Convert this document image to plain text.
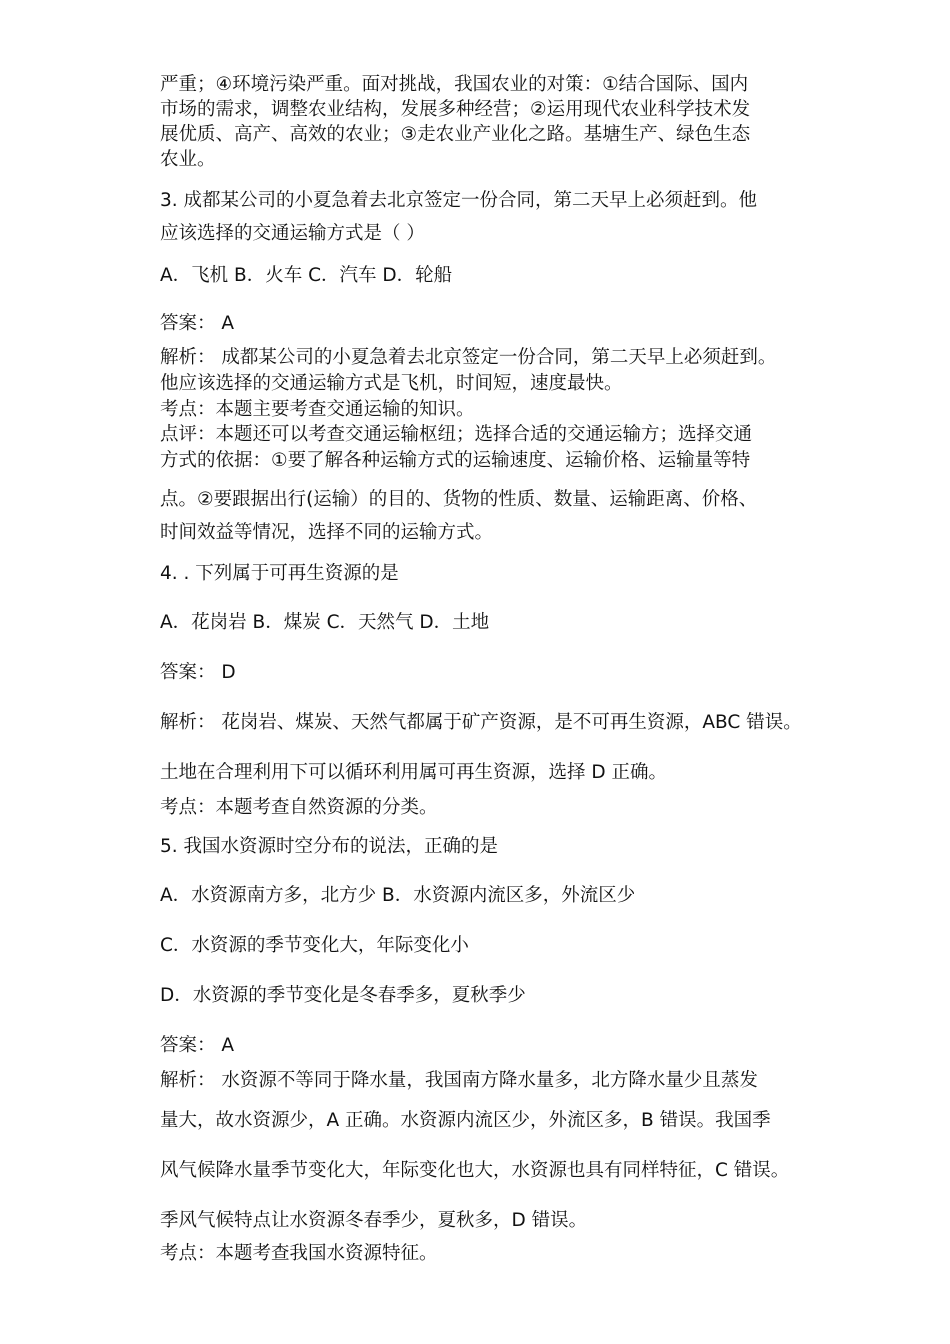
严重；④环境污染严重。面对挑战，我国农业的对策：①结合国际、国内
市场的需求，调整农业结构，发展多种经营；②运用现代农业科学技术发
展优质、高产、高效的农业；③走农业产业化之路。基塘生产、绿色生态
农业。
3. 成都某公司的小夏急着去北京签定一份合同，第二天早上必须赶到。他
应该选择的交通运输方式是（ ）
A．飞机 B．火车 C．汽车 D．轮船
答案： A
解析： 成都某公司的小夏急着去北京签定一份合同，第二天早上必须赶到。
他应该选择的交通运输方式是飞机，时间短，速度最快。
考点：本题主要考查交通运输的知识。
点评：本题还可以考查交通运输枢纽；选择合适的交通运输方；选择交通
方式的依据：①要了解各种运输方式的运输速度、运输价格、运输量等特
点。②要跟据出行(运输）的目的、货物的性质、数量、运输距离、价格、
时间效益等情况，选择不同的运输方式。
4. . 下列属于可再生资源的是
A．花岗岩 B．煤炭 C．天然气 D．土地
答案： D
解析： 花岗岩、煤炭、天然气都属于矿产资源，是不可再生资源，ABC 错误。
土地在合理利用下可以循环利用属可再生资源，选择 D 正确。
考点：本题考查自然资源的分类。
5. 我国水资源时空分布的说法，正确的是
A．水资源南方多，北方少 B．水资源内流区多，外流区少
C．水资源的季节变化大，年际变化小
D．水资源的季节变化是冬春季多，夏秋季少
答案： A
解析： 水资源不等同于降水量，我国南方降水量多，北方降水量少且蒸发
量大，故水资源少，A 正确。水资源内流区少，外流区多，B 错误。我国季
风气候降水量季节变化大，年际变化也大，水资源也具有同样特征，C 错误。
季风气候特点让水资源冬春季少，夏秋多，D 错误。
考点：本题考查我国水资源特征。
